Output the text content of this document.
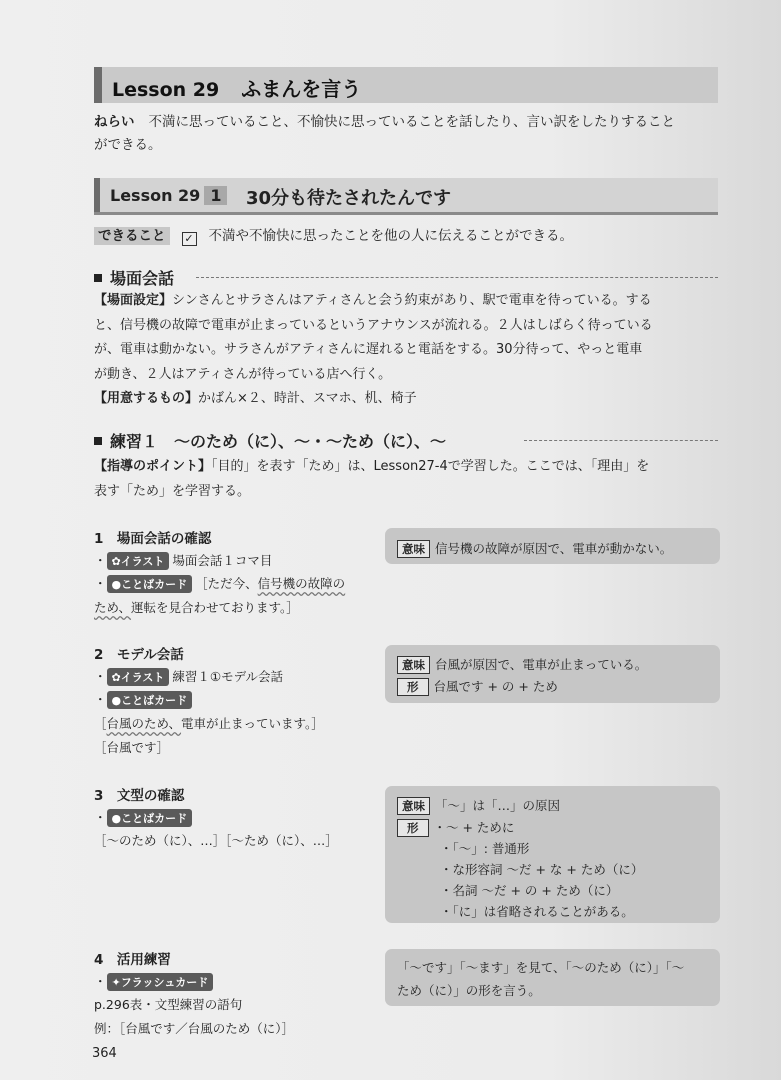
Lesson 29 ふまんを言う
ねらい 不満に思っていること、不愉快に思っていることを話したり、言い訳をしたりすること
ができる。
Lesson 29 1	30分も待たされたんです
できること ✓ 不満や不愉快に思ったことを他の人に伝えることができる。
場面会話
【場面設定】シンさんとサラさんはアティさんと会う約束があり、駅で電車を待っている。する
と、信号機の故障で電車が止まっているというアナウンスが流れる。２人はしばらく待っている
が、電車は動かない。サラさんがアティさんに遅れると電話をする。30分待って、やっと電車
が動き、２人はアティさんが待っている店へ行く。
【用意するもの】かばん×２、時計、スマホ、机、椅子
練習１　～のため（に）、～・～ため（に）、～
【指導のポイント】「目的」を表す「ため」は、Lesson27-4で学習した。ここでは、「理由」を
表す「ため」を学習する。
1　場面会話の確認
・ ✿イラスト 場面会話１コマ目
・ ●ことばカード ［ただ今、信号機の故障の
ため、運転を見合わせております。］
意味 信号機の故障が原因で、電車が動かない。
2　モデル会話
・ ✿イラスト 練習１①モデル会話
・ ●ことばカード
［台風のため、電車が止まっています。］
［台風です］
意味 台風が原因で、電車が止まっている。
形 台風です + の + ため
3　文型の確認
・ ●ことばカード
［～のため（に）、…］［～ため（に）、…］
意味 「～」は「…」の原因
形 ・～ + ために
・「～」: 普通形
・な形容詞 ～だ + な + ため（に）
・名詞 ～だ + の + ため（に）
・「に」は省略されることがある。
4　活用練習
・ ✦フラッシュカード
p.296表・文型練習の語句
例：［台風です／台風のため（に）］
「～です」「～ます」を見て、「～のため（に）」「～
ため（に）」の形を言う。
364
